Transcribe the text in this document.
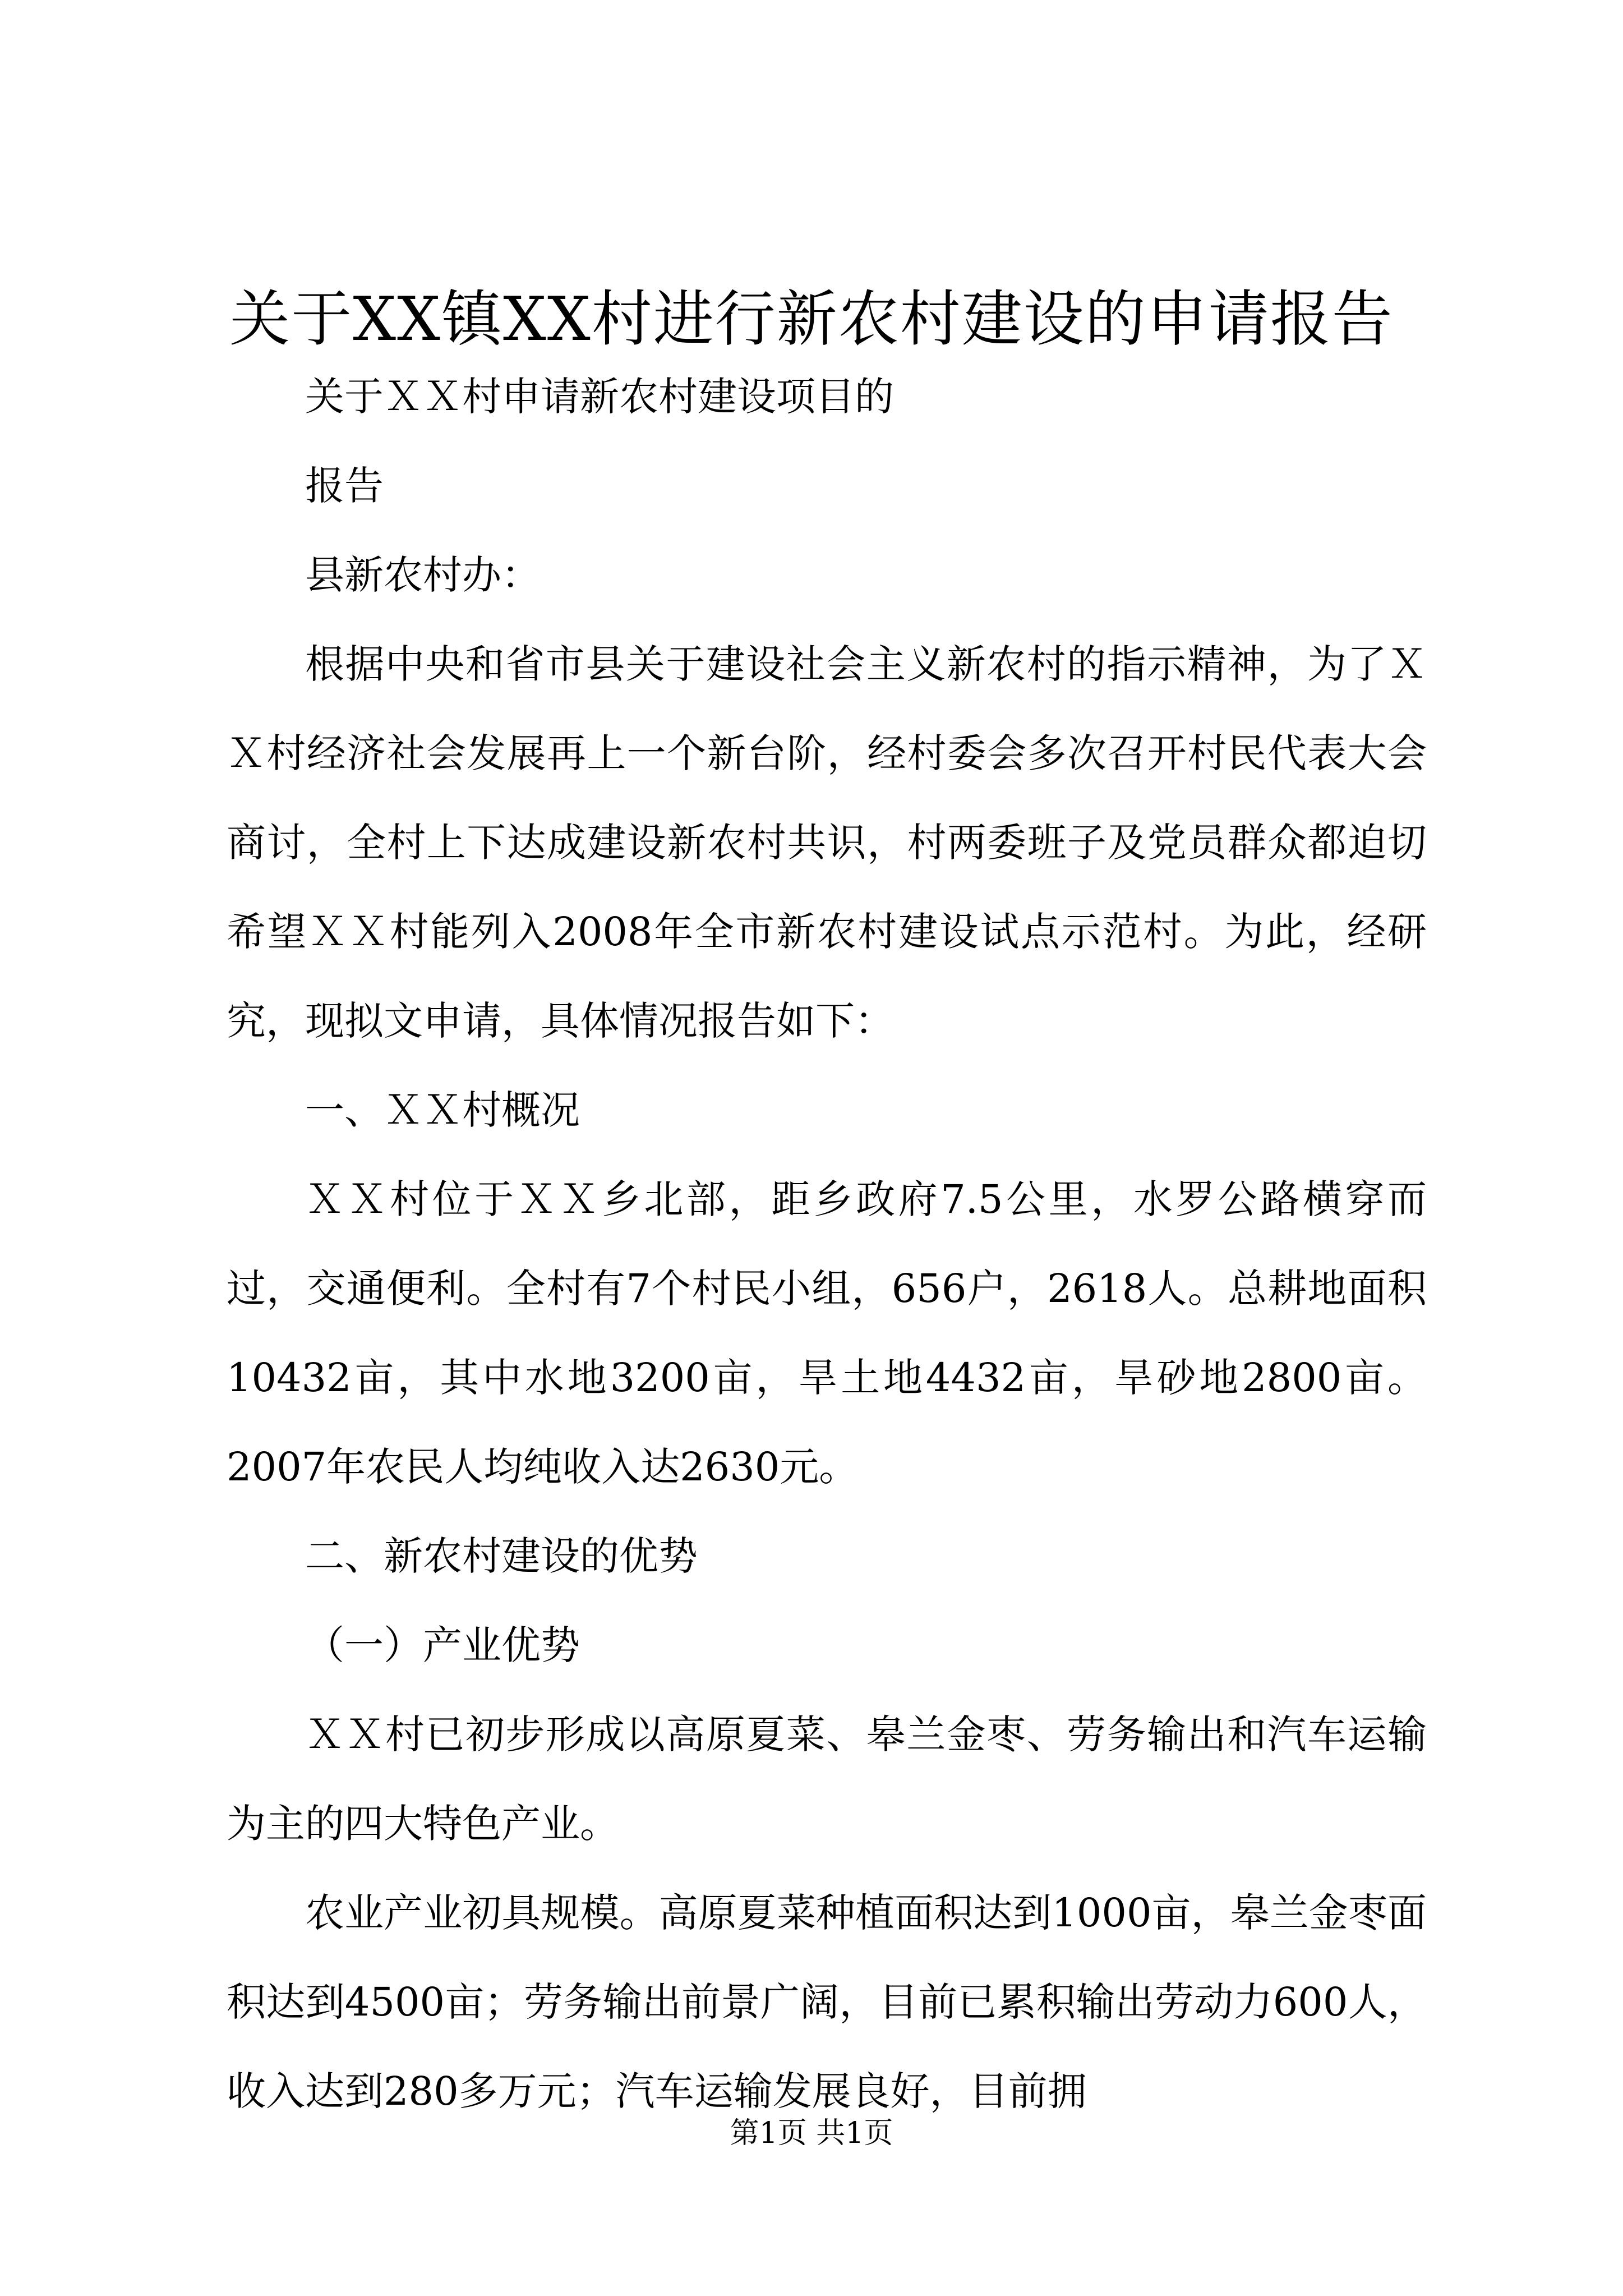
关于XX镇XX村进行新农村建设的申请报告

关于ＸＸ村申请新农村建设项目的

报告

县新农村办：

根据中央和省市县关于建设社会主义新农村的指示精神，为了ＸＸ村经济社会发展再上一个新台阶，经村委会多次召开村民代表大会商讨，全村上下达成建设新农村共识，村两委班子及党员群众都迫切希望ＸＸ村能列入2008年全市新农村建设试点示范村。为此，经研究，现拟文申请，具体情况报告如下：

一、ＸＸ村概况

ＸＸ村位于ＸＸ乡北部，距乡政府7.5公里，水罗公路横穿而过，交通便利。全村有7个村民小组，656户，2618人。总耕地面积10432亩，其中水地3200亩，旱土地4432亩，旱砂地2800亩。2007年农民人均纯收入达2630元。

二、新农村建设的优势

（一）产业优势

ＸＸ村已初步形成以高原夏菜、皋兰金枣、劳务输出和汽车运输为主的四大特色产业。

农业产业初具规模。高原夏菜种植面积达到1000亩，皋兰金枣面积达到4500亩；劳务输出前景广阔，目前已累积输出劳动力600人，收入达到280多万元；汽车运输发展良好，目前拥

第1页 共1页
